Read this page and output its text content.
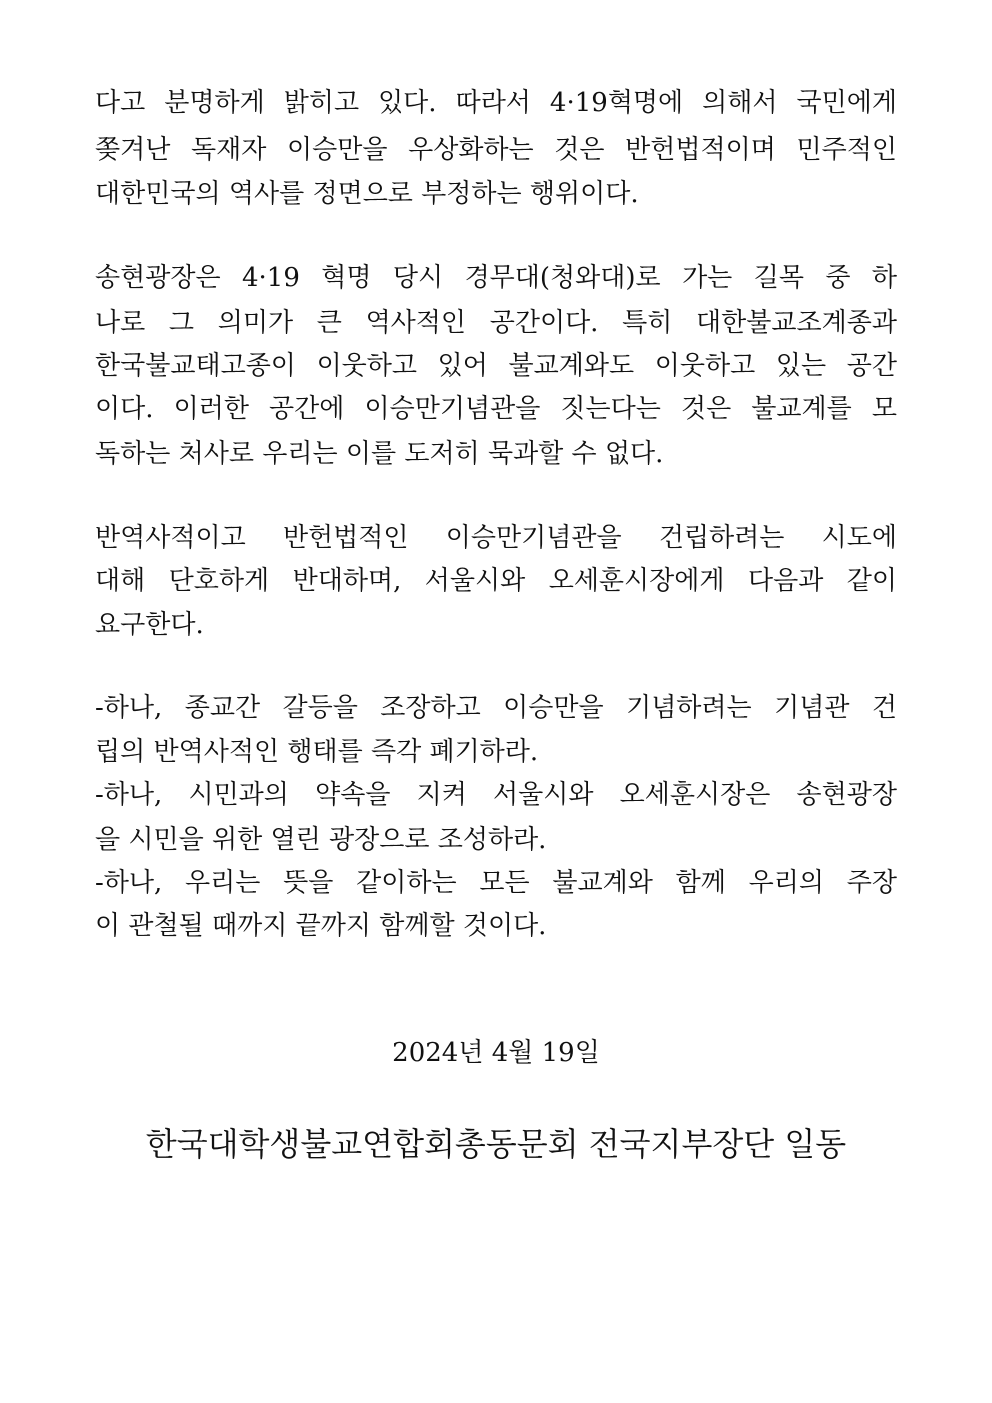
다고 분명하게 밝히고 있다. 따라서 4·19혁명에 의해서 국민에게
쫒겨난 독재자 이승만을 우상화하는 것은 반헌법적이며 민주적인
대한민국의 역사를 정면으로 부정하는 행위이다.
송현광장은 4·19 혁명 당시 경무대(청와대)로 가는 길목 중 하
나로 그 의미가 큰 역사적인 공간이다. 특히 대한불교조계종과
한국불교태고종이 이웃하고 있어 불교계와도 이웃하고 있는 공간
이다. 이러한 공간에 이승만기념관을 짓는다는 것은 불교계를 모
독하는 처사로 우리는 이를 도저히 묵과할 수 없다.
반역사적이고 반헌법적인 이승만기념관을 건립하려는 시도에
대해 단호하게 반대하며, 서울시와 오세훈시장에게 다음과 같이
요구한다.
-하나, 종교간 갈등을 조장하고 이승만을 기념하려는 기념관 건
립의 반역사적인 행태를 즉각 폐기하라.
-하나, 시민과의 약속을 지켜 서울시와 오세훈시장은 송현광장
을 시민을 위한 열린 광장으로 조성하라.
-하나, 우리는 뜻을 같이하는 모든 불교계와 함께 우리의 주장
이 관철될 때까지 끝까지 함께할 것이다.
2024년 4월 19일
한국대학생불교연합회총동문회 전국지부장단 일동
